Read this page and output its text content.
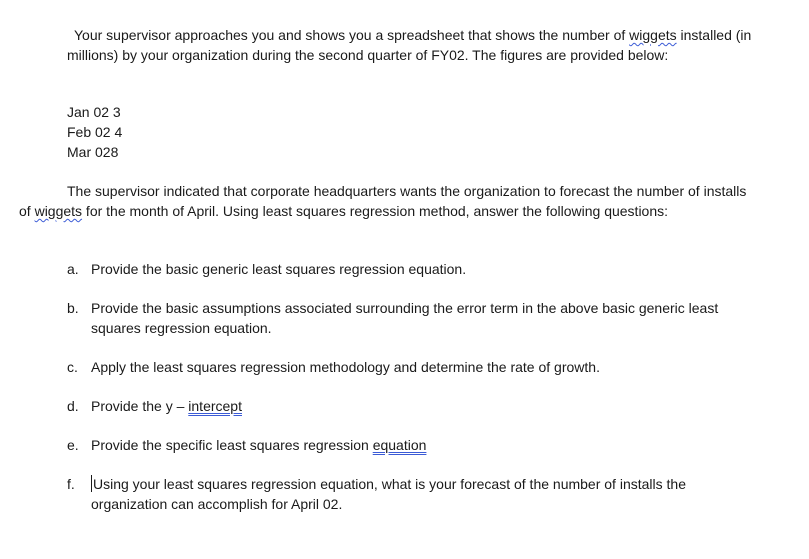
Your supervisor approaches you and shows you a spreadsheet that shows the number of wiggets installed (in millions) by your organization during the second quarter of FY02. The figures are provided below:

Jan 02 3
Feb 02 4
Mar 028

The supervisor indicated that corporate headquarters wants the organization to forecast the number of installs of wiggets for the month of April. Using least squares regression method, answer the following questions:

a. Provide the basic generic least squares regression equation.
b. Provide the basic assumptions associated surrounding the error term in the above basic generic least squares regression equation.
c. Apply the least squares regression methodology and determine the rate of growth.
d. Provide the y – intercept
e. Provide the specific least squares regression equation
f. Using your least squares regression equation, what is your forecast of the number of installs the organization can accomplish for April 02.
